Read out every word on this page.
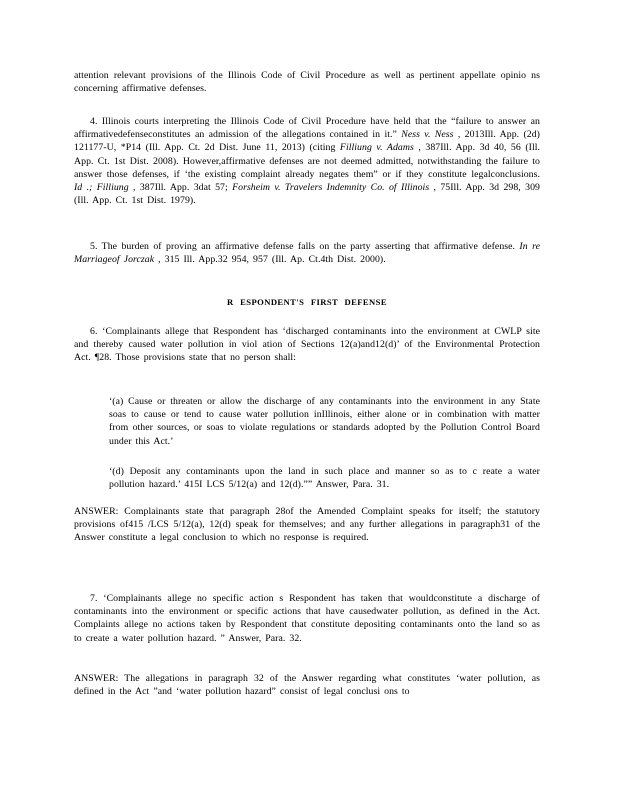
attention relevant provisions of the Illinois Code of Civil Procedure as well as pertinent appellate opinio ns concerning affirmative defenses.

4. Illinois courts interpreting the Illinois Code of Civil Procedure have held that the “failure to answer an affirmativedefenseconstitutes an admission of the allegations contained in it.” Ness v. Ness , 2013Ill. App. (2d) 121177-U, *P14 (Ill. App. Ct. 2d Dist. June 11, 2013) (citing Filliung v. Adams , 387Ill. App. 3d 40, 56 (Ill. App. Ct. 1st Dist. 2008). However,affirmative defenses are not deemed admitted, notwithstanding the failure to answer those defenses, if ‘the existing complaint already negates them” or if they constitute legalconclusions. Id .; Filliung , 387Ill. App. 3dat 57; Forsheim v. Travelers Indemnity Co. of Illinois , 75Ill. App. 3d 298, 309 (Ill. App. Ct. 1st Dist. 1979).

5. The burden of proving an affirmative defense falls on the party asserting that affirmative defense. In re Marriageof Jorczak , 315 Ill. App.32 954, 957 (Ill. Ap. Ct.4th Dist. 2000).

R ESPONDENT'S FIRST DEFENSE

6. ‘Complainants allege that Respondent has ‘discharged contaminants into the environment at CWLP site and thereby caused water pollution in viol ation of Sections 12(a)and12(d)’ of the Environmental Protection Act. ¶28. Those provisions state that no person shall:

‘(a) Cause or threaten or allow the discharge of any contaminants into the environment in any State soas to cause or tend to cause water pollution inIllinois, either alone or in combination with matter from other sources, or soas to violate regulations or standards adopted by the Pollution Control Board under this Act.’

‘(d) Deposit any contaminants upon the land in such place and manner so as to c reate a water pollution hazard.’ 415I LCS 5/12(a) and 12(d).”” Answer, Para. 31.

ANSWER: Complainants state that paragraph 28of the Amended Complaint speaks for itself; the statutory provisions of415 /LCS 5/12(a), 12(d) speak for themselves; and any further allegations in paragraph31 of the Answer constitute a legal conclusion to which no response is required.

7. ‘Complainants allege no specific action s Respondent has taken that wouldconstitute a discharge of contaminants into the environment or specific actions that have causedwater pollution, as defined in the Act. Complaints allege no actions taken by Respondent that constitute depositing contaminants onto the land so as to create a water pollution hazard. ” Answer, Para. 32.

ANSWER: The allegations in paragraph 32 of the Answer regarding what constitutes ‘water pollution, as defined in the Act ”and ‘water pollution hazard” consist of legal conclusi ons to
